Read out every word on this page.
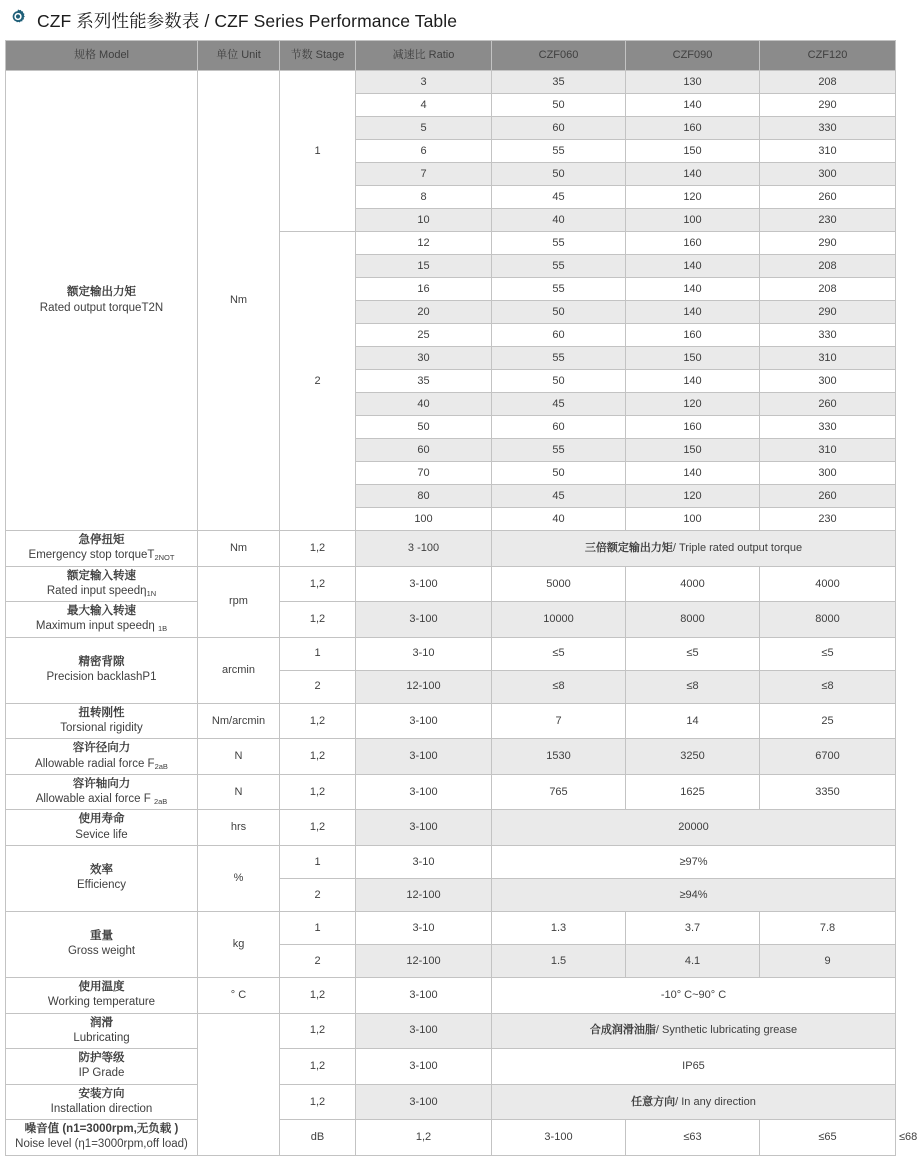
CZF 系列性能参数表 / CZF Series Performance Table
规格 Model	单位 Unit	节数 Stage	减速比 Ratio	CZF060	CZF090	CZF120	

额定输出力矩
Rated output torqueT2N	Nm	1	3	35	130	208	
			4	50	140	290	
			5	60	160	330	
			6	55	150	310	
			7	50	140	300	
			8	45	120	260	
			10	40	100	230	
		2	12	55	160	290	
			15	55	140	208	
			16	55	140	208	
			20	50	140	290	
			25	60	160	330	
			30	55	150	310	
			35	50	140	300	
			40	45	120	260	
			50	60	160	330	
			60	55	150	310	
			70	50	140	300	
			80	45	120	260	
			100	40	100	230	

急停扭矩
Emergency stop torqueT$_{2NOT}$	Nm	1,2	3 -100	三倍额定输出力矩/ Triple rated output torque			

额定输入转速
Rated input speedη$_{1N}$	rpm	1,2	3-100	5000	4000	4000	

最大输入转速
Maximum input speedη $_{1B}$		1,2	3-100	10000	8000	8000	

精密背隙
Precision backlashP1	arcmin	1	3-10	≤5	≤5	≤5	
		2	12-100	≤8	≤8	≤8	

扭转刚性
Torsional rigidity	Nm/arcmin	1,2	3-100	7	14	25	

容许径向力
Allowable radial force $F_{2aB}$	N	1,2	3-100	1530	3250	6700	

容许轴向力
Allowable axial force F $_{2aB}$	N	1,2	3-100	765	1625	3350	

使用寿命
Sevice life	hrs	1,2	3-100	20000			

效率
Efficiency	%	1	3-10	≥97%			
		2	12-100	≥94%			

重量
Gross weight	kg	1	3-10	1.3	3.7	7.8	
		2	12-100	1.5	4.1	9	

使用温度
Working temperature	° C	1,2	3-100	-10° C~90° C			

润滑
Lubricating		1,2	3-100	合成润滑油脂/ Synthetic lubricating grease			

防护等级
IP Grade		1,2	3-100	IP65			

安装方向
Installation direction		1,2	3-100	任意方向/ In any direction			

噪音值 (n1=3000rpm,无负载 )
Noise level (η1=3000rpm,off load)		dB	1,2	3-100	≤63	≤65	≤68
